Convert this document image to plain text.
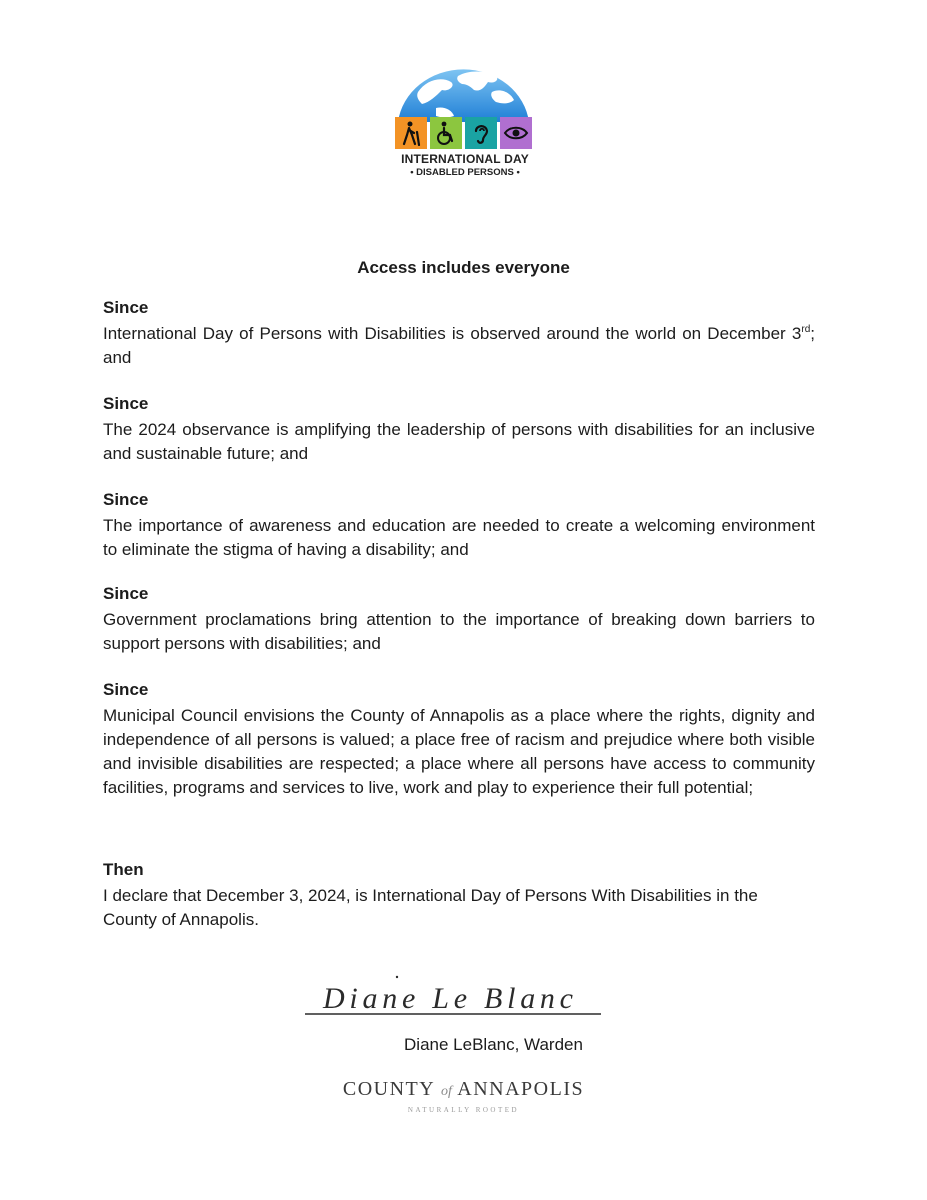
INTERNATIONAL DAY
• DISABLED PERSONS •
Access includes everyone

Since

International Day of Persons with Disabilities is observed around the world on December 3rd; and

Since

The 2024 observance is amplifying the leadership of persons with disabilities for an inclusive and sustainable future; and

Since

The importance of awareness and education are needed to create a welcoming environment to eliminate the stigma of having a disability; and

Since

Government proclamations bring attention to the importance of breaking down barriers to support persons with disabilities; and

Since

Municipal Council envisions the County of Annapolis as a place where the rights, dignity and independence of all persons is valued; a place free of racism and prejudice where both visible and invisible disabilities are respected; a place where all persons have access to community facilities, programs and services to live, work and play to experience their full potential;

Then

I declare that December 3, 2024, is International Day of Persons With Disabilities in the County of Annapolis.

Diane Le Blanc
Diane LeBlanc, Warden
COUNTY of ANNAPOLIS
NATURALLY ROOTED
